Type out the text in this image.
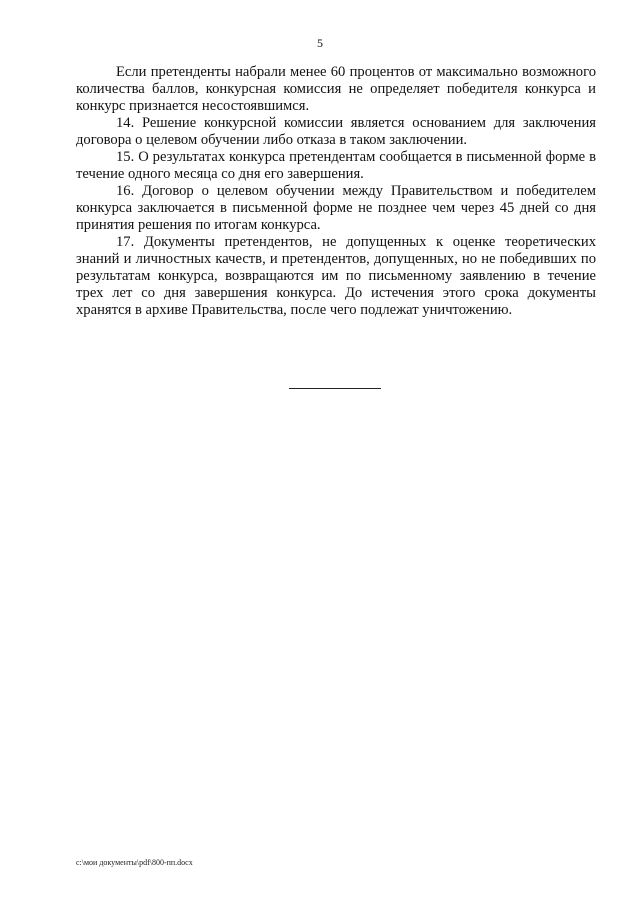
5

Если претенденты набрали менее 60 процентов от максимально возможного количества баллов, конкурсная комиссия не определяет победителя конкурса и конкурс признается несостоявшимся.

14. Решение конкурсной комиссии является основанием для заключения договора о целевом обучении либо отказа в таком заключении.

15. О результатах конкурса претендентам сообщается в письменной форме в течение одного месяца со дня его завершения.

16. Договор о целевом обучении между Правительством и победителем конкурса заключается в письменной форме не позднее чем через 45 дней со дня принятия решения по итогам конкурса.

17. Документы претендентов, не допущенных к оценке теоретических знаний и личностных качеств, и претендентов, допущенных, но не победивших по результатам конкурса, возвращаются им по письменному заявлению в течение трех лет со дня завершения конкурса. До истечения этого срока документы хранятся в архиве Правительства, после чего подлежат уничтожению.

c:\мои документы\pdf\800-пп.docx
